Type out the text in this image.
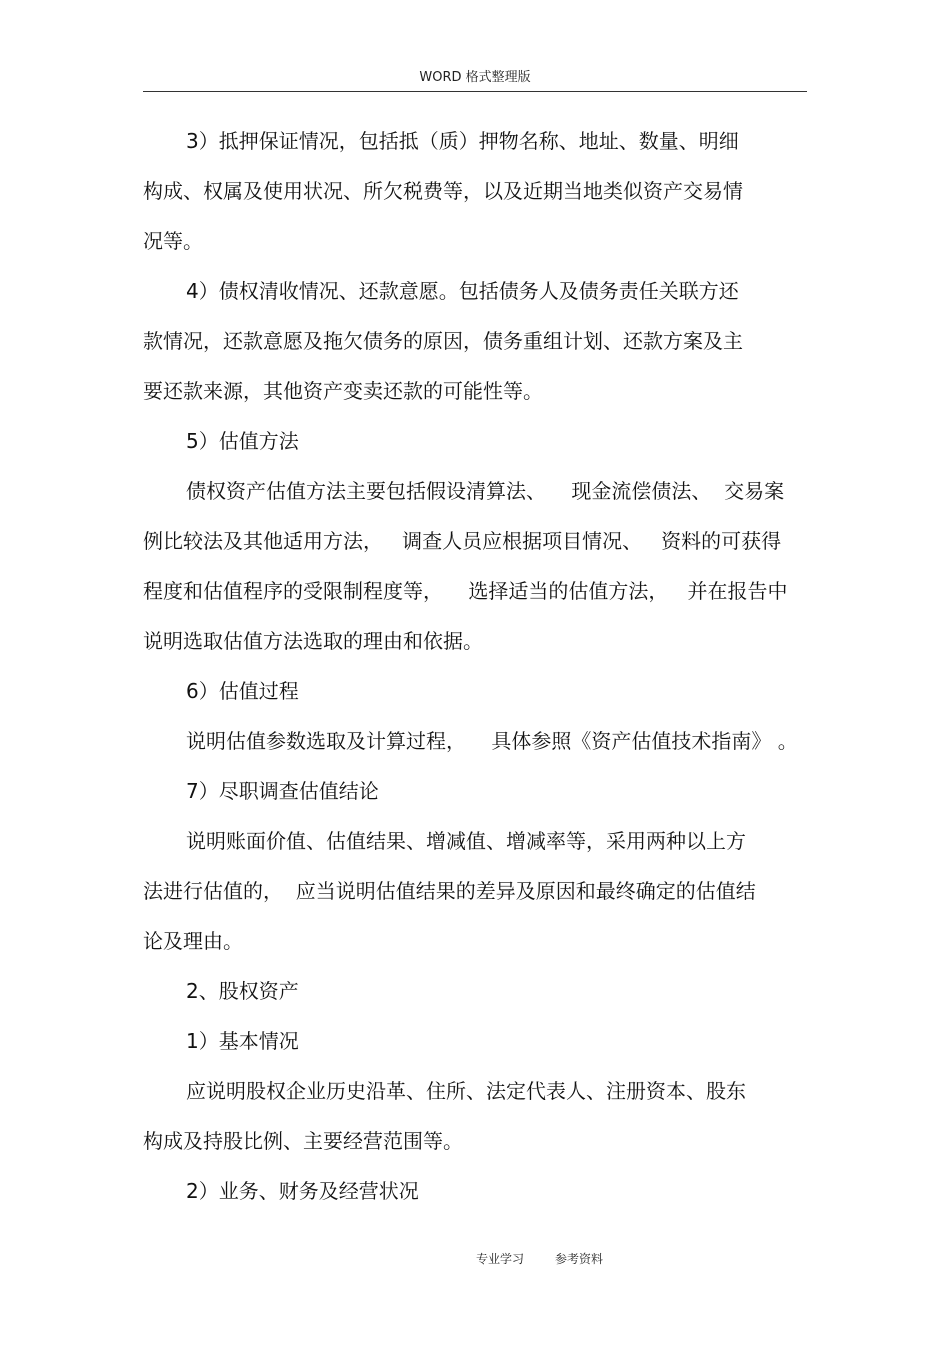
WORD 格式整理版
3）抵押保证情况，包括抵（质）押物名称、地址、数量、明细
构成、权属及使用状况、所欠税费等，以及近期当地类似资产交易情
况等。
4）债权清收情况、还款意愿。包括债务人及债务责任关联方还
款情况，还款意愿及拖欠债务的原因，债务重组计划、还款方案及主
要还款来源，其他资产变卖还款的可能性等。
5）估值方法
债权资产估值方法主要包括假设清算法、    现金流偿债法、  交易案
例比较法及其他适用方法，   调查人员应根据项目情况、   资料的可获得
程度和估值程序的受限制程度等，    选择适当的估值方法，   并在报告中
说明选取估值方法选取的理由和依据。
6）估值过程
说明估值参数选取及计算过程，    具体参照《资产估值技术指南》 。
7）尽职调查估值结论
说明账面价值、估值结果、增减值、增减率等，采用两种以上方
法进行估值的，  应当说明估值结果的差异及原因和最终确定的估值结
论及理由。
2、股权资产
1）基本情况
应说明股权企业历史沿革、住所、法定代表人、注册资本、股东
构成及持股比例、主要经营范围等。
2）业务、财务及经营状况
专业学习	参考资料
